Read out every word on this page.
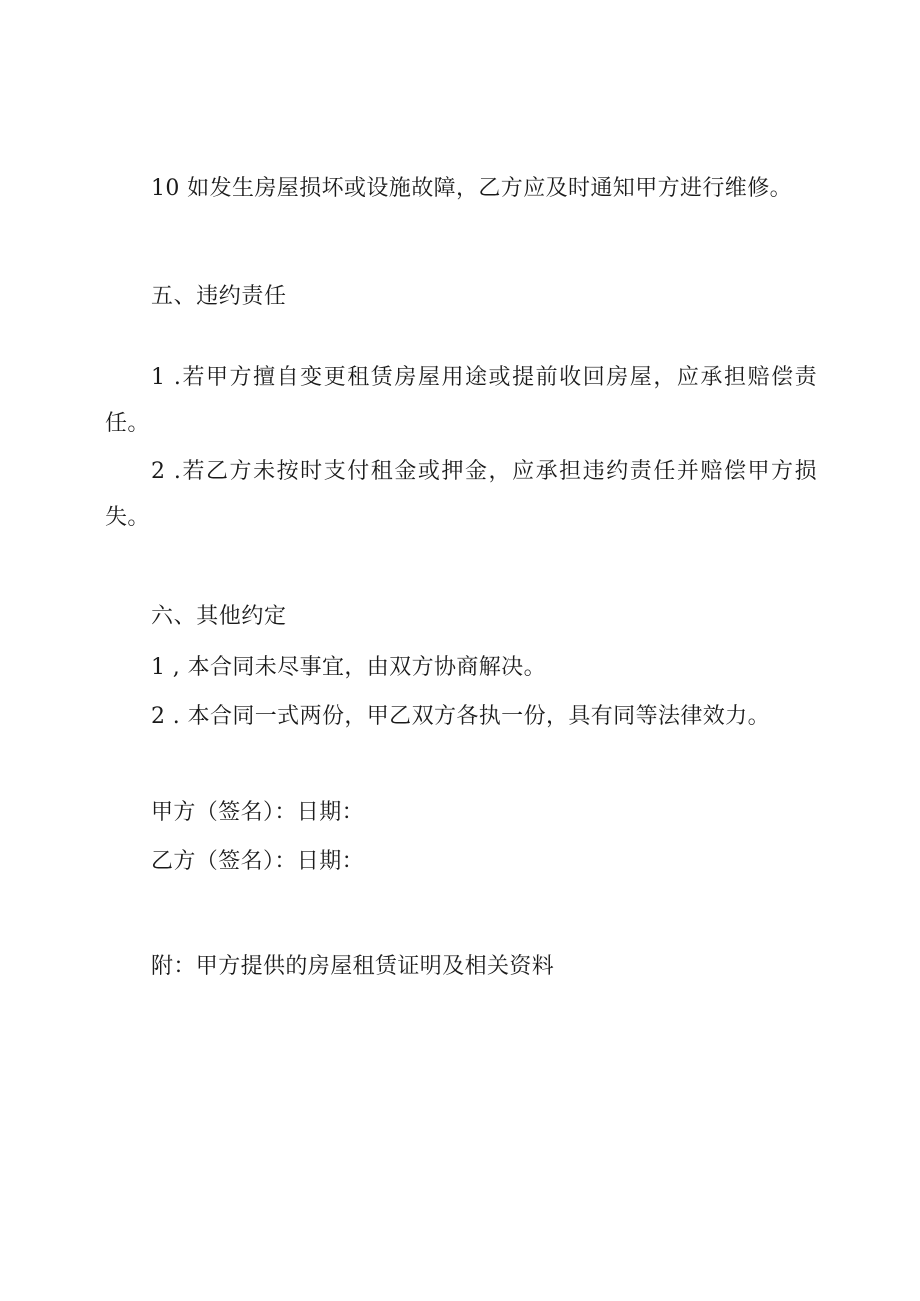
10 如发生房屋损坏或设施故障，乙方应及时通知甲方进行维修。
五、违约责任
1 .若甲方擅自变更租赁房屋用途或提前收回房屋，应承担赔偿责任。
2 .若乙方未按时支付租金或押金，应承担违约责任并赔偿甲方损失。
六、其他约定
1 , 本合同未尽事宜，由双方协商解决。
2 . 本合同一式两份，甲乙双方各执一份，具有同等法律效力。
甲方（签名）：日期：
乙方（签名）：日期：
附：甲方提供的房屋租赁证明及相关资料
